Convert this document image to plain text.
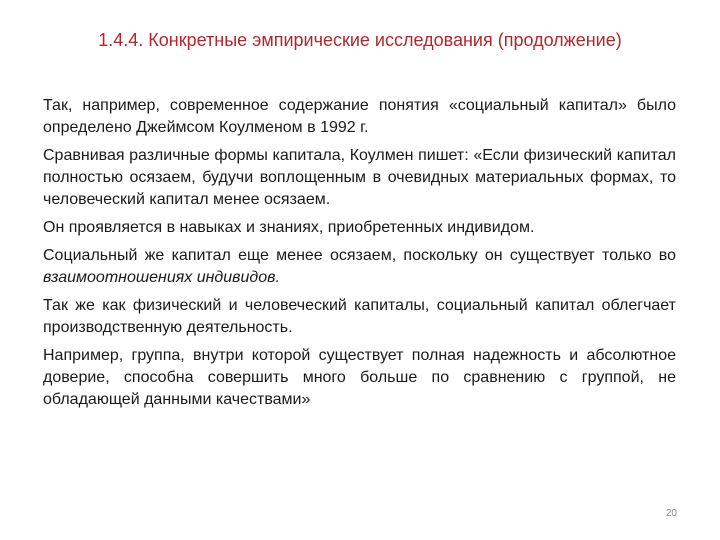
1.4.4. Конкретные эмпирические исследования (продолжение)

Так, например, современное содержание понятия «социальный капитал» было определено Джеймсом Коулменом в 1992 г.

Сравнивая различные формы капитала, Коулмен пишет: «Если физический капитал полностью осязаем, будучи воплощенным в очевидных материальных формах, то человеческий капитал менее осязаем.

Он проявляется в навыках и знаниях, приобретенных индивидом.

Социальный же капитал еще менее осязаем, поскольку он существует только во взаимоотношениях индивидов.

Так же как физический и человеческий капиталы, социальный капитал облегчает производственную деятельность.

Например, группа, внутри которой существует полная надежность и абсолютное доверие, способна совершить много больше по сравнению с группой, не обладающей данными качествами»

20
